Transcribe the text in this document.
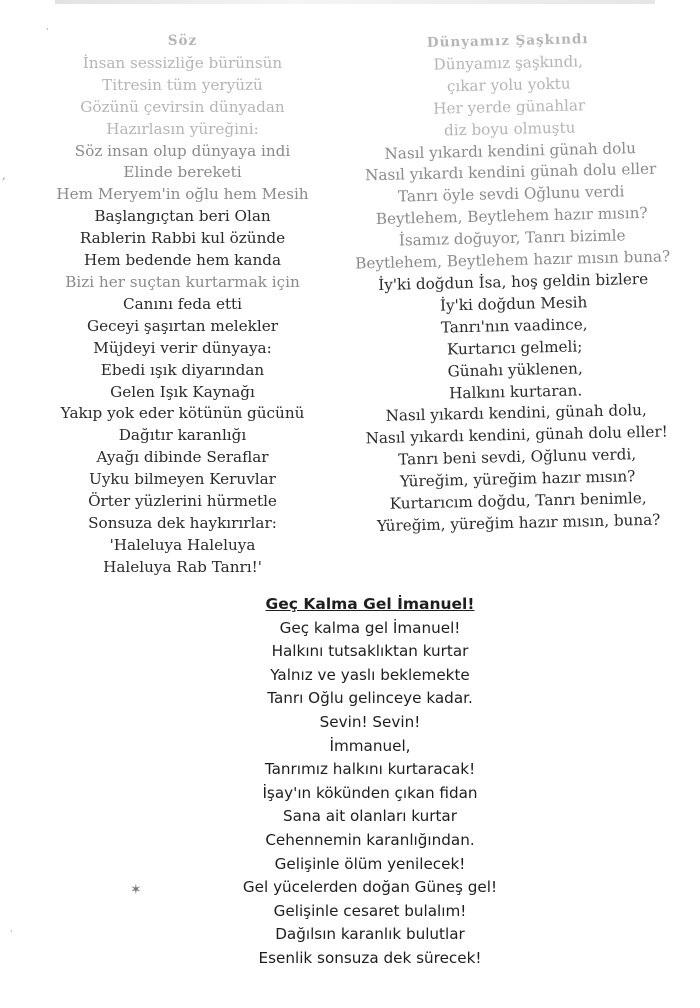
Söz
İnsan sessizliğe bürünsün
Titresin tüm yeryüzü
Gözünü çevirsin dünyadan
Hazırlasın yüreğini:
Söz insan olup dünyaya indi
Elinde bereketi
Hem Meryem'in oğlu hem Mesih
Başlangıçtan beri Olan
Rablerin Rabbi kul özünde
Hem bedende hem kanda
Bizi her suçtan kurtarmak için
Canını feda etti
Geceyi şaşırtan melekler
Müjdeyi verir dünyaya:
Ebedi ışık diyarından
Gelen Işık Kaynağı
Yakıp yok eder kötünün gücünü
Dağıtır karanlığı
Ayağı dibinde Seraflar
Uyku bilmeyen Keruvlar
Örter yüzlerini hürmetle
Sonsuza dek haykırırlar:
'Haleluya Haleluya
Haleluya Rab Tanrı!'
Dünyamız Şaşkındı
Dünyamız şaşkındı,
çıkar yolu yoktu
Her yerde günahlar
diz boyu olmuştu
Nasıl yıkardı kendini günah dolu
Nasıl yıkardı kendini günah dolu eller
Tanrı öyle sevdi Oğlunu verdi
Beytlehem, Beytlehem hazır mısın?
İsamız doğuyor, Tanrı bizimle
Beytlehem, Beytlehem hazır mısın buna?
İy'ki doğdun İsa, hoş geldin bizlere
İy'ki doğdun Mesih
Tanrı'nın vaadince,
Kurtarıcı gelmeli;
Günahı yüklenen,
Halkını kurtaran.
Nasıl yıkardı kendini, günah dolu,
Nasıl yıkardı kendini, günah dolu eller!
Tanrı beni sevdi, Oğlunu verdi,
Yüreğim, yüreğim hazır mısın?
Kurtarıcım doğdu, Tanrı benimle,
Yüreğim, yüreğim hazır mısın, buna?
Geç Kalma Gel İmanuel!
Geç kalma gel İmanuel!
Halkını tutsaklıktan kurtar
Yalnız ve yaslı beklemekte
Tanrı Oğlu gelinceye kadar.
Sevin! Sevin!
İmmanuel,
Tanrımız halkını kurtaracak!
İşay'ın kökünden çıkan fidan
Sana ait olanları kurtar
Cehennemin karanlığından.
Gelişinle ölüm yenilecek!
Gel yücelerden doğan Güneş gel!
Gelişinle cesaret bulalım!
Dağılsın karanlık bulutlar
Esenlik sonsuza dek sürecek!
ˈ
,
✶
ˈ
